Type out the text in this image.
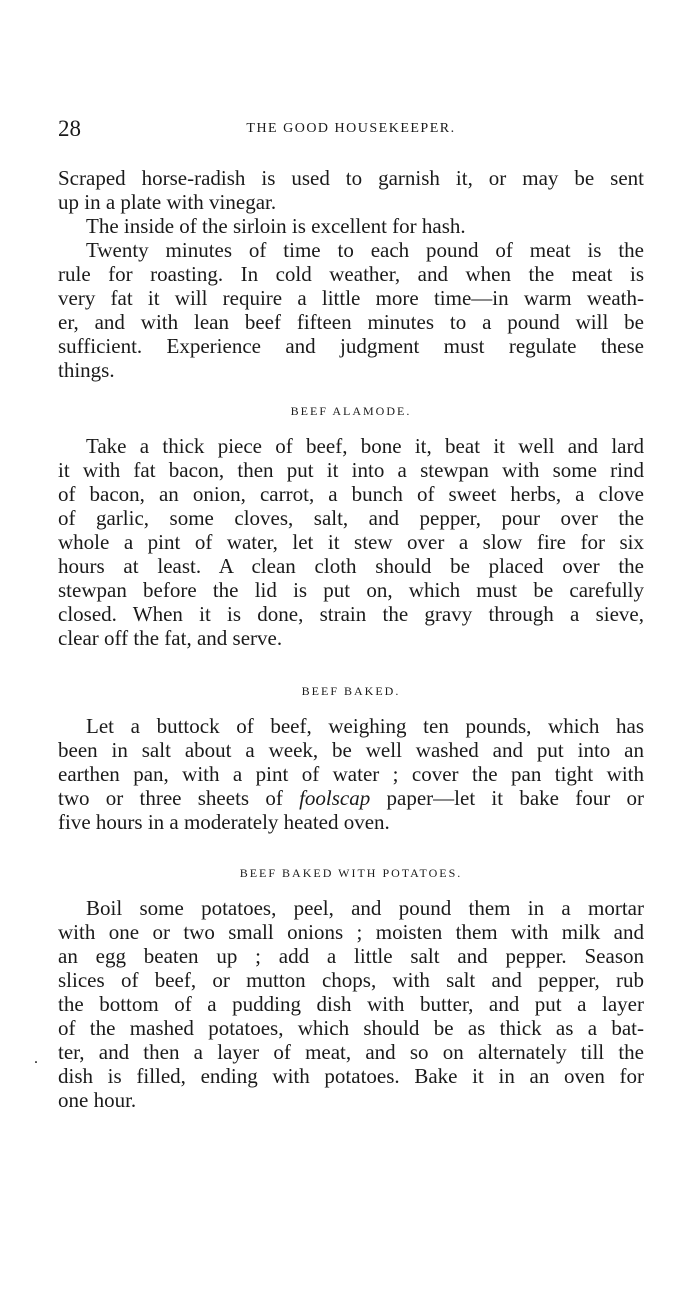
28	THE GOOD HOUSEKEEPER.
Scraped horse-radish is used to garnish it, or may be sent
up in a plate with vinegar.
The inside of the sirloin is excellent for hash.
Twenty minutes of time to each pound of meat is the
rule for roasting. In cold weather, and when the meat is
very fat it will require a little more time—in warm weath-
er, and with lean beef fifteen minutes to a pound will be
sufficient. Experience and judgment must regulate these
things.
BEEF ALAMODE.
Take a thick piece of beef, bone it, beat it well and lard
it with fat bacon, then put it into a stewpan with some rind
of bacon, an onion, carrot, a bunch of sweet herbs, a clove
of garlic, some cloves, salt, and pepper, pour over the
whole a pint of water, let it stew over a slow fire for six
hours at least. A clean cloth should be placed over the
stewpan before the lid is put on, which must be carefully
closed. When it is done, strain the gravy through a sieve,
clear off the fat, and serve.
BEEF BAKED.
Let a buttock of beef, weighing ten pounds, which has
been in salt about a week, be well washed and put into an
earthen pan, with a pint of water ; cover the pan tight with
two or three sheets of foolscap paper—let it bake four or
five hours in a moderately heated oven.
BEEF BAKED WITH POTATOES.
Boil some potatoes, peel, and pound them in a mortar
with one or two small onions ; moisten them with milk and
an egg beaten up ; add a little salt and pepper. Season
slices of beef, or mutton chops, with salt and pepper, rub
the bottom of a pudding dish with butter, and put a layer
of the mashed potatoes, which should be as thick as a bat-
ter, and then a layer of meat, and so on alternately till the
dish is filled, ending with potatoes. Bake it in an oven for
one hour.
.
